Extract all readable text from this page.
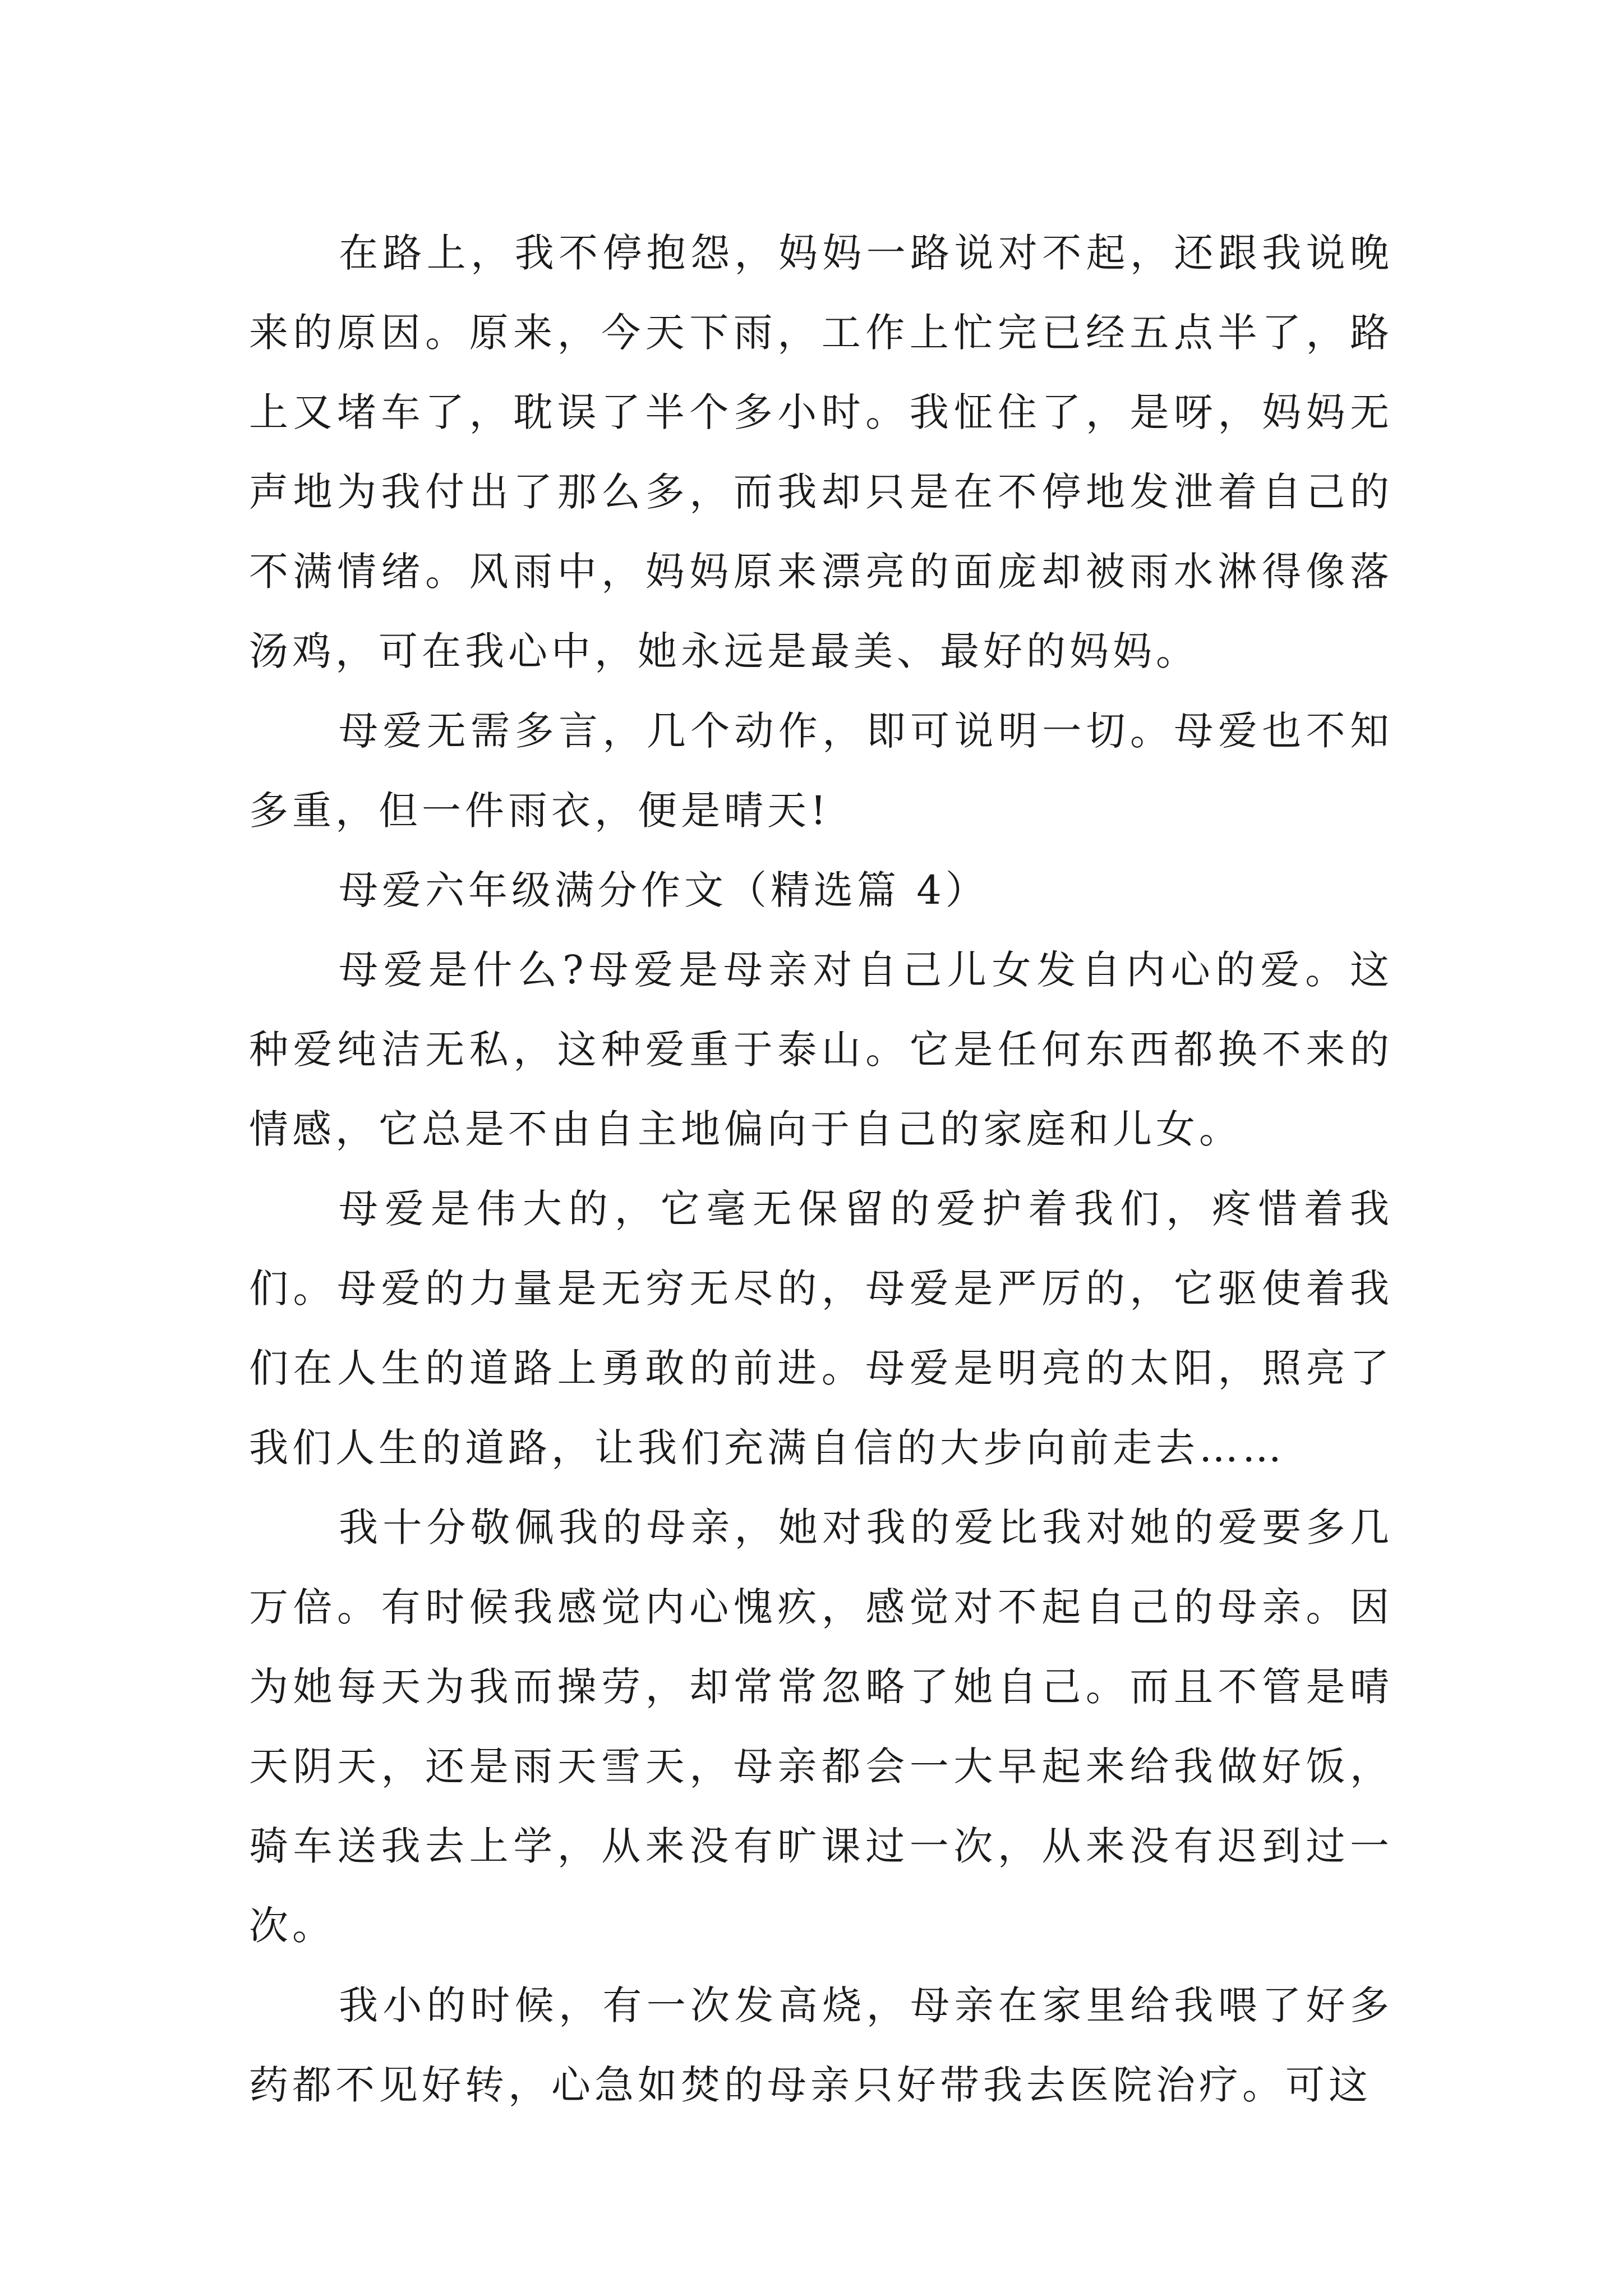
在路上，我不停抱怨，妈妈一路说对不起，还跟我说晚来的原因。原来，今天下雨，工作上忙完已经五点半了，路上又堵车了，耽误了半个多小时。我怔住了，是呀，妈妈无声地为我付出了那么多，而我却只是在不停地发泄着自己的不满情绪。风雨中，妈妈原来漂亮的面庞却被雨水淋得像落汤鸡，可在我心中，她永远是最美、最好的妈妈。

母爱无需多言，几个动作，即可说明一切。母爱也不知多重，但一件雨衣，便是晴天!

母爱六年级满分作文（精选篇 4）

母爱是什么?母爱是母亲对自己儿女发自内心的爱。这种爱纯洁无私，这种爱重于泰山。它是任何东西都换不来的情感，它总是不由自主地偏向于自己的家庭和儿女。

母爱是伟大的，它毫无保留的爱护着我们，疼惜着我们。母爱的力量是无穷无尽的，母爱是严厉的，它驱使着我们在人生的道路上勇敢的前进。母爱是明亮的太阳，照亮了我们人生的道路，让我们充满自信的大步向前走去……

我十分敬佩我的母亲，她对我的爱比我对她的爱要多几万倍。有时候我感觉内心愧疚，感觉对不起自己的母亲。因为她每天为我而操劳，却常常忽略了她自己。而且不管是晴天阴天，还是雨天雪天，母亲都会一大早起来给我做好饭，骑车送我去上学，从来没有旷课过一次，从来没有迟到过一次。

我小的时候，有一次发高烧，母亲在家里给我喂了好多药都不见好转，心急如焚的母亲只好带我去医院治疗。可这
